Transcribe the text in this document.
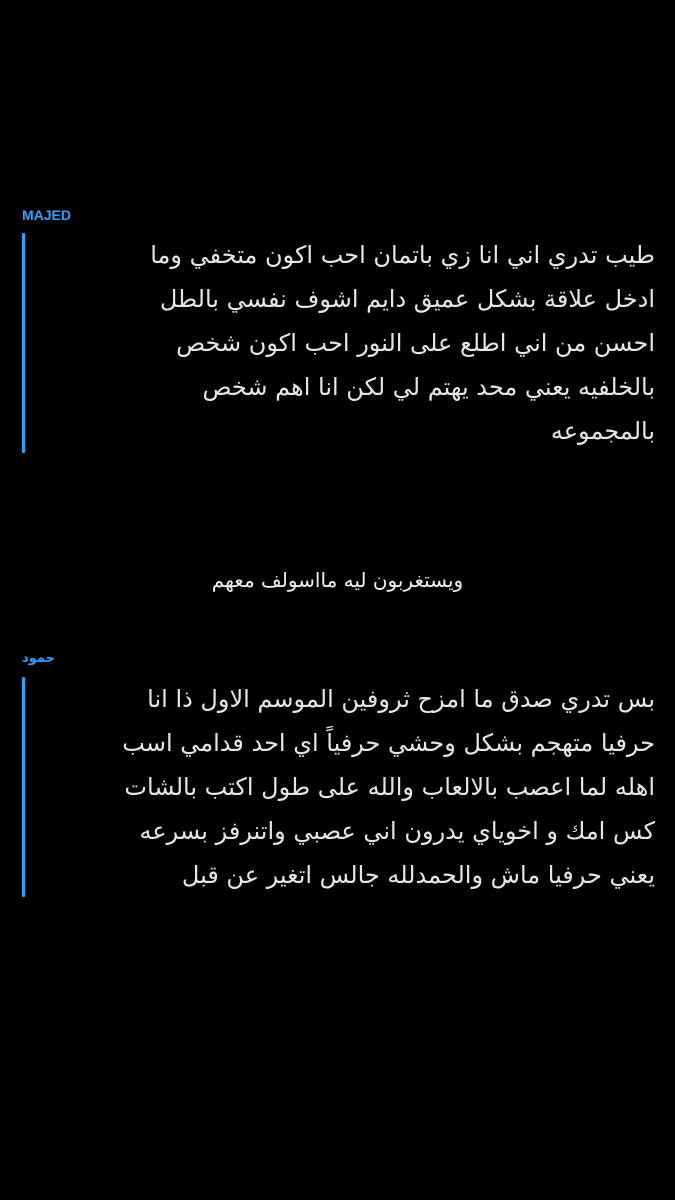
MAJED

طيب تدري اني انا زي باتمان احب اكون متخفي وما
ادخل علاقة بشكل عميق دايم اشوف نفسي بالطل
احسن من اني اطلع على النور احب اكون شخص
بالخلفيه يعني محد يهتم لي لكن انا اهم شخص
بالمجموعه

ويستغربون ليه مااسولف معهم
حمود

بس تدري صدق ما امزح ثروفين الموسم الاول ذا انا
حرفيا متهجم بشكل وحشي حرفياً اي احد قدامي اسب
اهله لما اعصب بالالعاب والله على طول اكتب بالشات
كس امك و اخوياي يدرون اني عصبي واتنرفز بسرعه
يعني حرفيا ماش والحمدلله جالس اتغير عن قبل
